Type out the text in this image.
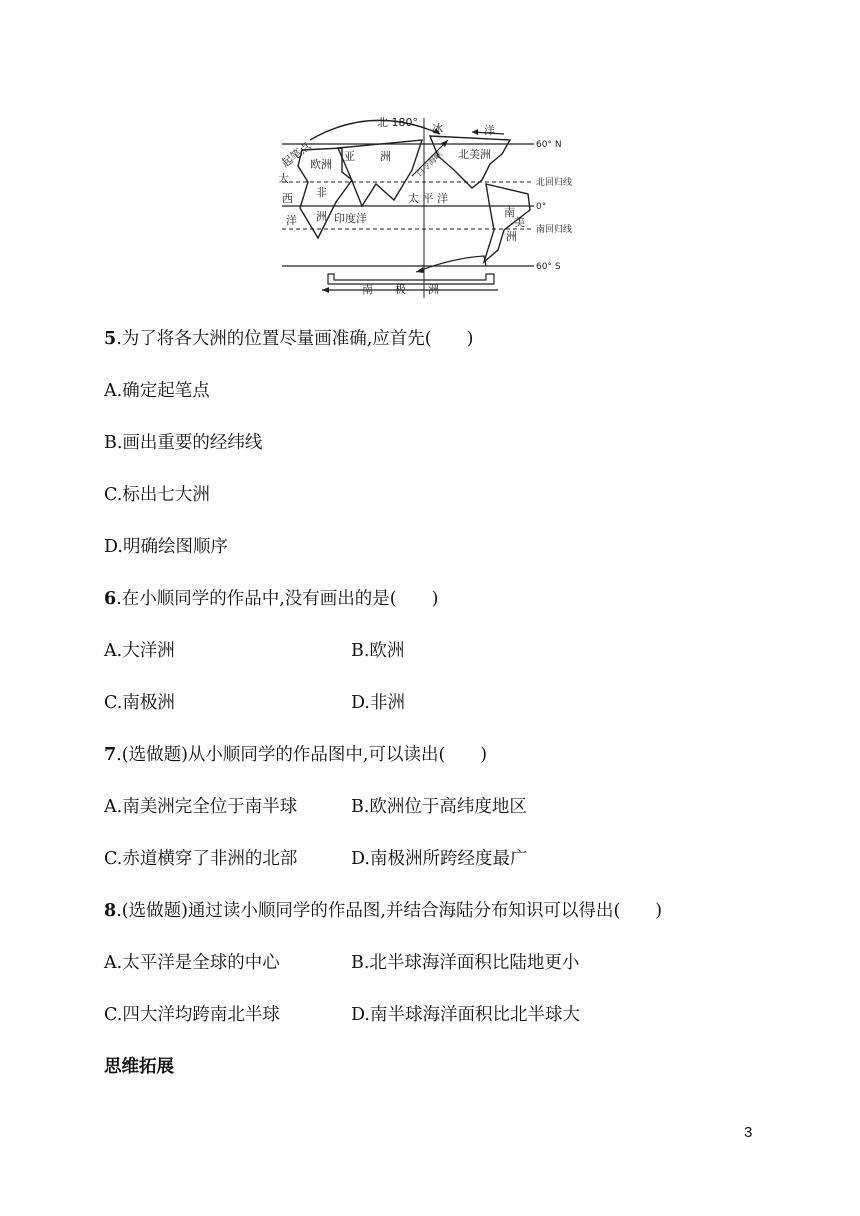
北 180° 冰	洋
60° N
起笔点
欧洲
亚 洲	白令海峡 北美洲
大	北回归线
西 非	太 平 洋
0°
洋 洲 印度洋	南
美
洲 南回归线
60° S
南——极——洲
5.为了将各大洲的位置尽量画准确,应首先(　　)
A.确定起笔点
B.画出重要的经纬线
C.标出七大洲
D.明确绘图顺序
6.在小顺同学的作品中,没有画出的是(　　)
A.大洋洲	B.欧洲
C.南极洲	D.非洲
7.(选做题)从小顺同学的作品图中,可以读出(　　)
A.南美洲完全位于南半球	B.欧洲位于高纬度地区
C.赤道横穿了非洲的北部	D.南极洲所跨经度最广
8.(选做题)通过读小顺同学的作品图,并结合海陆分布知识可以得出(　　)
A.太平洋是全球的中心	B.北半球海洋面积比陆地更小
C.四大洋均跨南北半球	D.南半球海洋面积比北半球大
思维拓展
3
